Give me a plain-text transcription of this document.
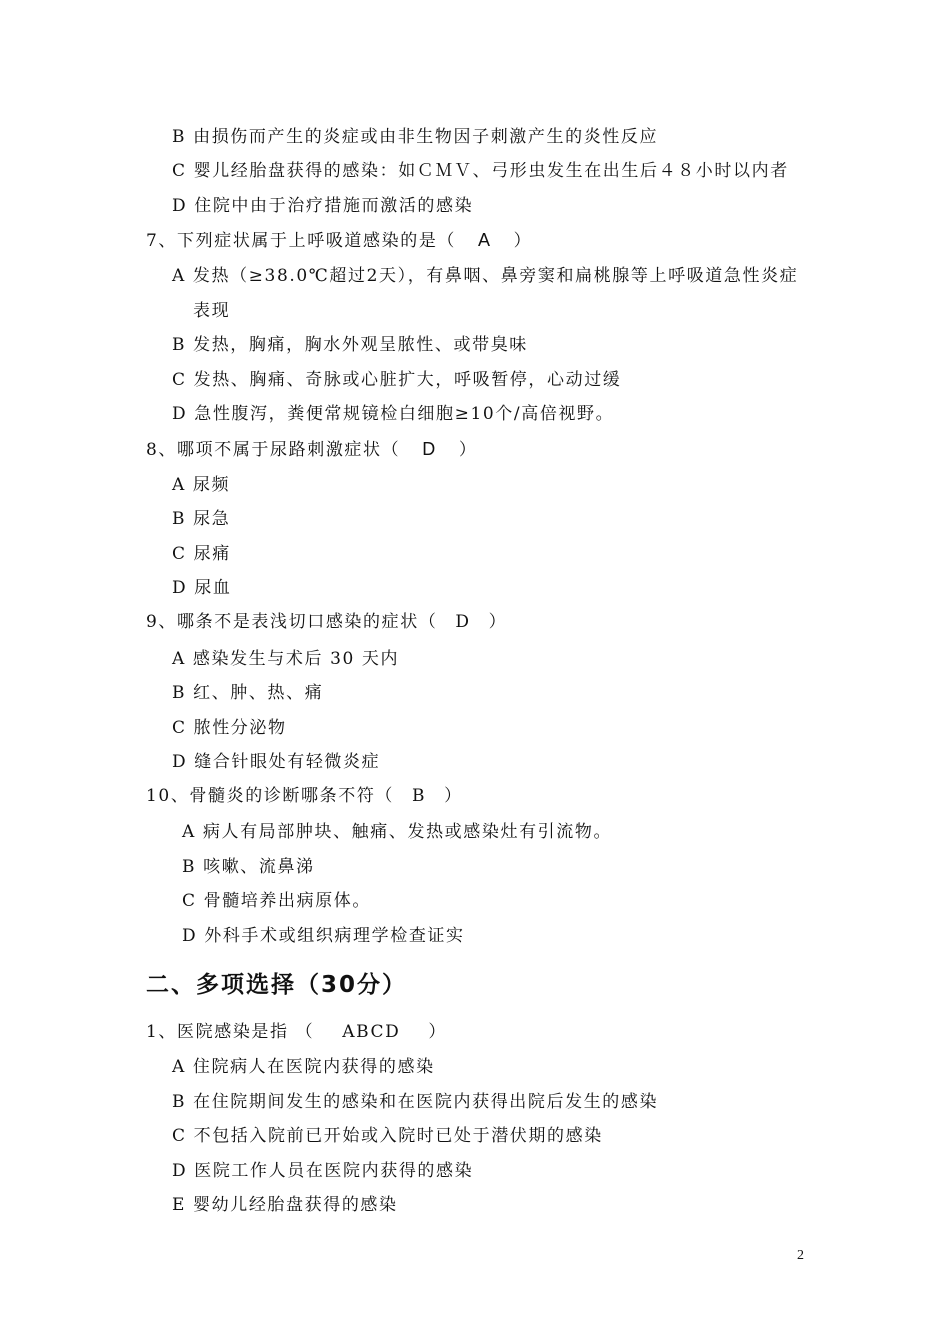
B 由损伤而产生的炎症或由非生物因子刺激产生的炎性反应
C 婴儿经胎盘获得的感染：如ＣＭＶ、弓形虫发生在出生后４８小时以内者
D 住院中由于治疗措施而激活的感染
7、下列症状属于上呼吸道感染的是（ A ）
A 发热（≥38.0℃超过2天），有鼻咽、鼻旁窦和扁桃腺等上呼吸道急性炎症
表现
B 发热，胸痛，胸水外观呈脓性、或带臭味
C 发热、胸痛、奇脉或心脏扩大，呼吸暂停，心动过缓
D 急性腹泻，粪便常规镜检白细胞≥10个/高倍视野。
8、哪项不属于尿路刺激症状（ D ）
A 尿频
B 尿急
C 尿痛
D 尿血
9、哪条不是表浅切口感染的症状（ D ）
A 感染发生与术后 30 天内
B 红、肿、热、痛
C 脓性分泌物
D 缝合针眼处有轻微炎症
10、骨髓炎的诊断哪条不符（ B ）
A 病人有局部肿块、触痛、发热或感染灶有引流物。
B 咳嗽、流鼻涕
C 骨髓培养出病原体。
D 外科手术或组织病理学检查证实
二、多项选择（30分）
1、医院感染是指 （ ABCD ）
A 住院病人在医院内获得的感染
B 在住院期间发生的感染和在医院内获得出院后发生的感染
C 不包括入院前已开始或入院时已处于潜伏期的感染
D 医院工作人员在医院内获得的感染
E 婴幼儿经胎盘获得的感染
2
